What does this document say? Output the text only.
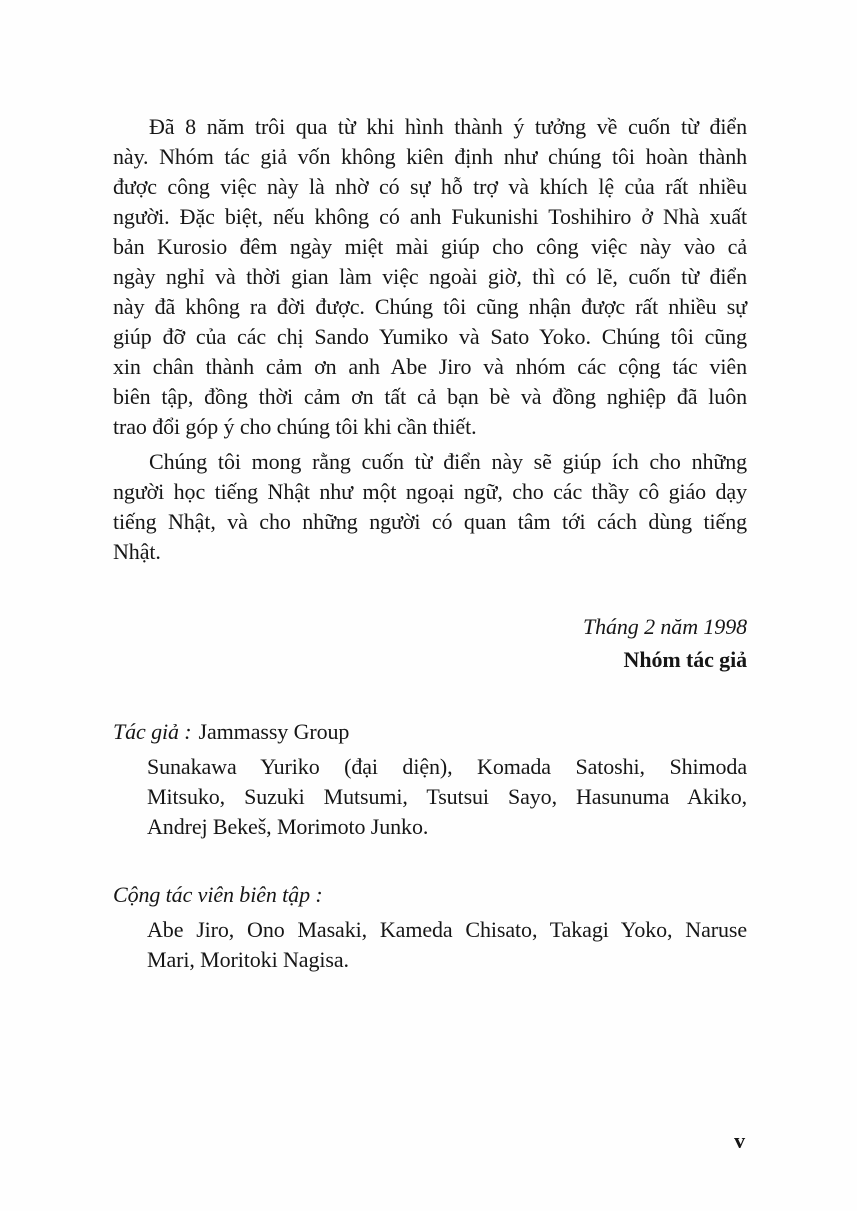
Đã 8 năm trôi qua từ khi hình thành ý tưởng về cuốn từ điển
này. Nhóm tác giả vốn không kiên định như chúng tôi hoàn thành
được công việc này là nhờ có sự hỗ trợ và khích lệ của rất nhiều
người. Đặc biệt, nếu không có anh Fukunishi Toshihiro ở Nhà xuất
bản Kurosio đêm ngày miệt mài giúp cho công việc này vào cả
ngày nghỉ và thời gian làm việc ngoài giờ, thì có lẽ, cuốn từ điển
này đã không ra đời được. Chúng tôi cũng nhận được rất nhiều sự
giúp đỡ của các chị Sando Yumiko và Sato Yoko. Chúng tôi cũng
xin chân thành cảm ơn anh Abe Jiro và nhóm các cộng tác viên
biên tập, đồng thời cảm ơn tất cả bạn bè và đồng nghiệp đã luôn
trao đổi góp ý cho chúng tôi khi cần thiết.
Chúng tôi mong rằng cuốn từ điển này sẽ giúp ích cho những
người học tiếng Nhật như một ngoại ngữ, cho các thầy cô giáo dạy
tiếng Nhật, và cho những người có quan tâm tới cách dùng tiếng
Nhật.
Tháng 2 năm 1998
Nhóm tác giả
Tác giả : Jammassy Group
Sunakawa Yuriko (đại diện), Komada Satoshi, Shimoda
Mitsuko, Suzuki Mutsumi, Tsutsui Sayo, Hasunuma Akiko,
Andrej Bekeš, Morimoto Junko.
Cộng tác viên biên tập :
Abe Jiro, Ono Masaki, Kameda Chisato, Takagi Yoko, Naruse
Mari, Moritoki Nagisa.
v
